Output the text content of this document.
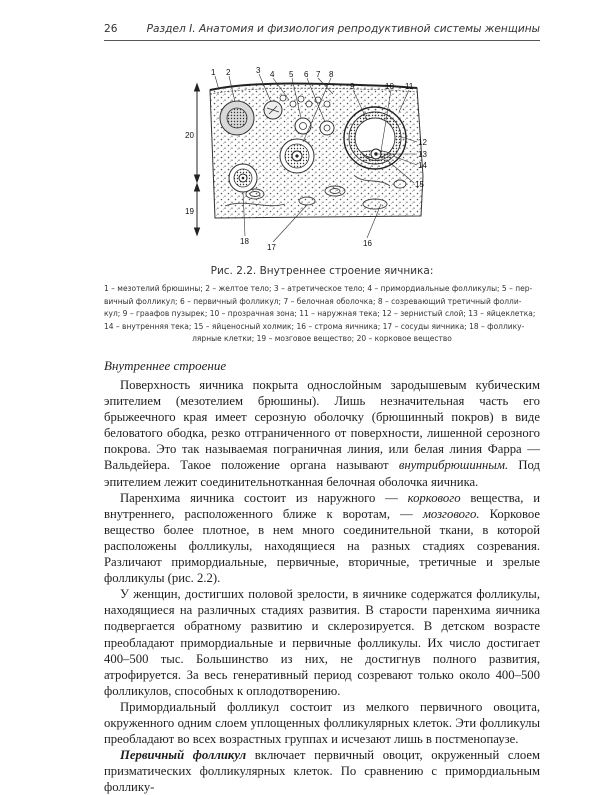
26	Раздел I. Анатомия и физиология репродуктивной системы женщины
1 2	3 4 5 6 7 8
9	10 11
12
13
14
15
16
17
18
19
20
Рис. 2.2. Внутреннее строение яичника:
1 – мезотелий брюшины; 2 – желтое тело; 3 – атретическое тело; 4 – примордиальные фолликулы; 5 – пер-
вичный фолликул; 6 – первичный фолликул; 7 – белочная оболочка; 8 – созревающий третичный фолли-
кул; 9 – граафов пузырек; 10 – прозрачная зона; 11 – наружная тека; 12 – зернистый слой; 13 – яйцеклетка;
14 – внутренняя тека; 15 – яйценосный холмик; 16 – строма яичника; 17 – сосуды яичника; 18 – фоллику-
лярные клетки; 19 – мозговое вещество; 20 – корковое вещество
Внутреннее строение

Поверхность яичника покрыта однослойным зародышевым кубическим эпителием (мезотелием брюшины). Лишь незначительная часть его брыжеечного края имеет серозную оболочку (брюшинный покров) в виде беловатого ободка, резко отграниченного от поверхности, лишенной серозного покрова. Это так называемая пограничная линия, или белая линия Фарра — Вальдейера. Такое положение органа называют внутрибрюшинным. Под эпителием лежит соединительнотканная белочная оболочка яичника.

Паренхима яичника состоит из наружного — коркового вещества, и внутреннего, расположенного ближе к воротам, — мозгового. Корковое вещество более плотное, в нем много соединительной ткани, в которой расположены фолликулы, находящиеся на разных стадиях созревания. Различают примордиальные, первичные, вторичные, третичные и зрелые фолликулы (рис. 2.2).

У женщин, достигших половой зрелости, в яичнике содержатся фолликулы, находящиеся на различных стадиях развития. В старости паренхима яичника подвергается обратному развитию и склерозируется. В детском возрасте преобладают примордиальные и первичные фолликулы. Их число достигает 400–500 тыс. Большинство из них, не достигнув полного развития, атрофируется. За весь генеративный период созревают только около 400–500 фолликулов, способных к оплодотворению.

Примордиальный фолликул состоит из мелкого первичного овоцита, окруженного одним слоем уплощенных фолликулярных клеток. Эти фолликулы преобладают во всех возрастных группах и исчезают лишь в постменопаузе.

Первичный фолликул включает первичный овоцит, окруженный слоем призматических фолликулярных клеток. По сравнению с примордиальным фоллику-
